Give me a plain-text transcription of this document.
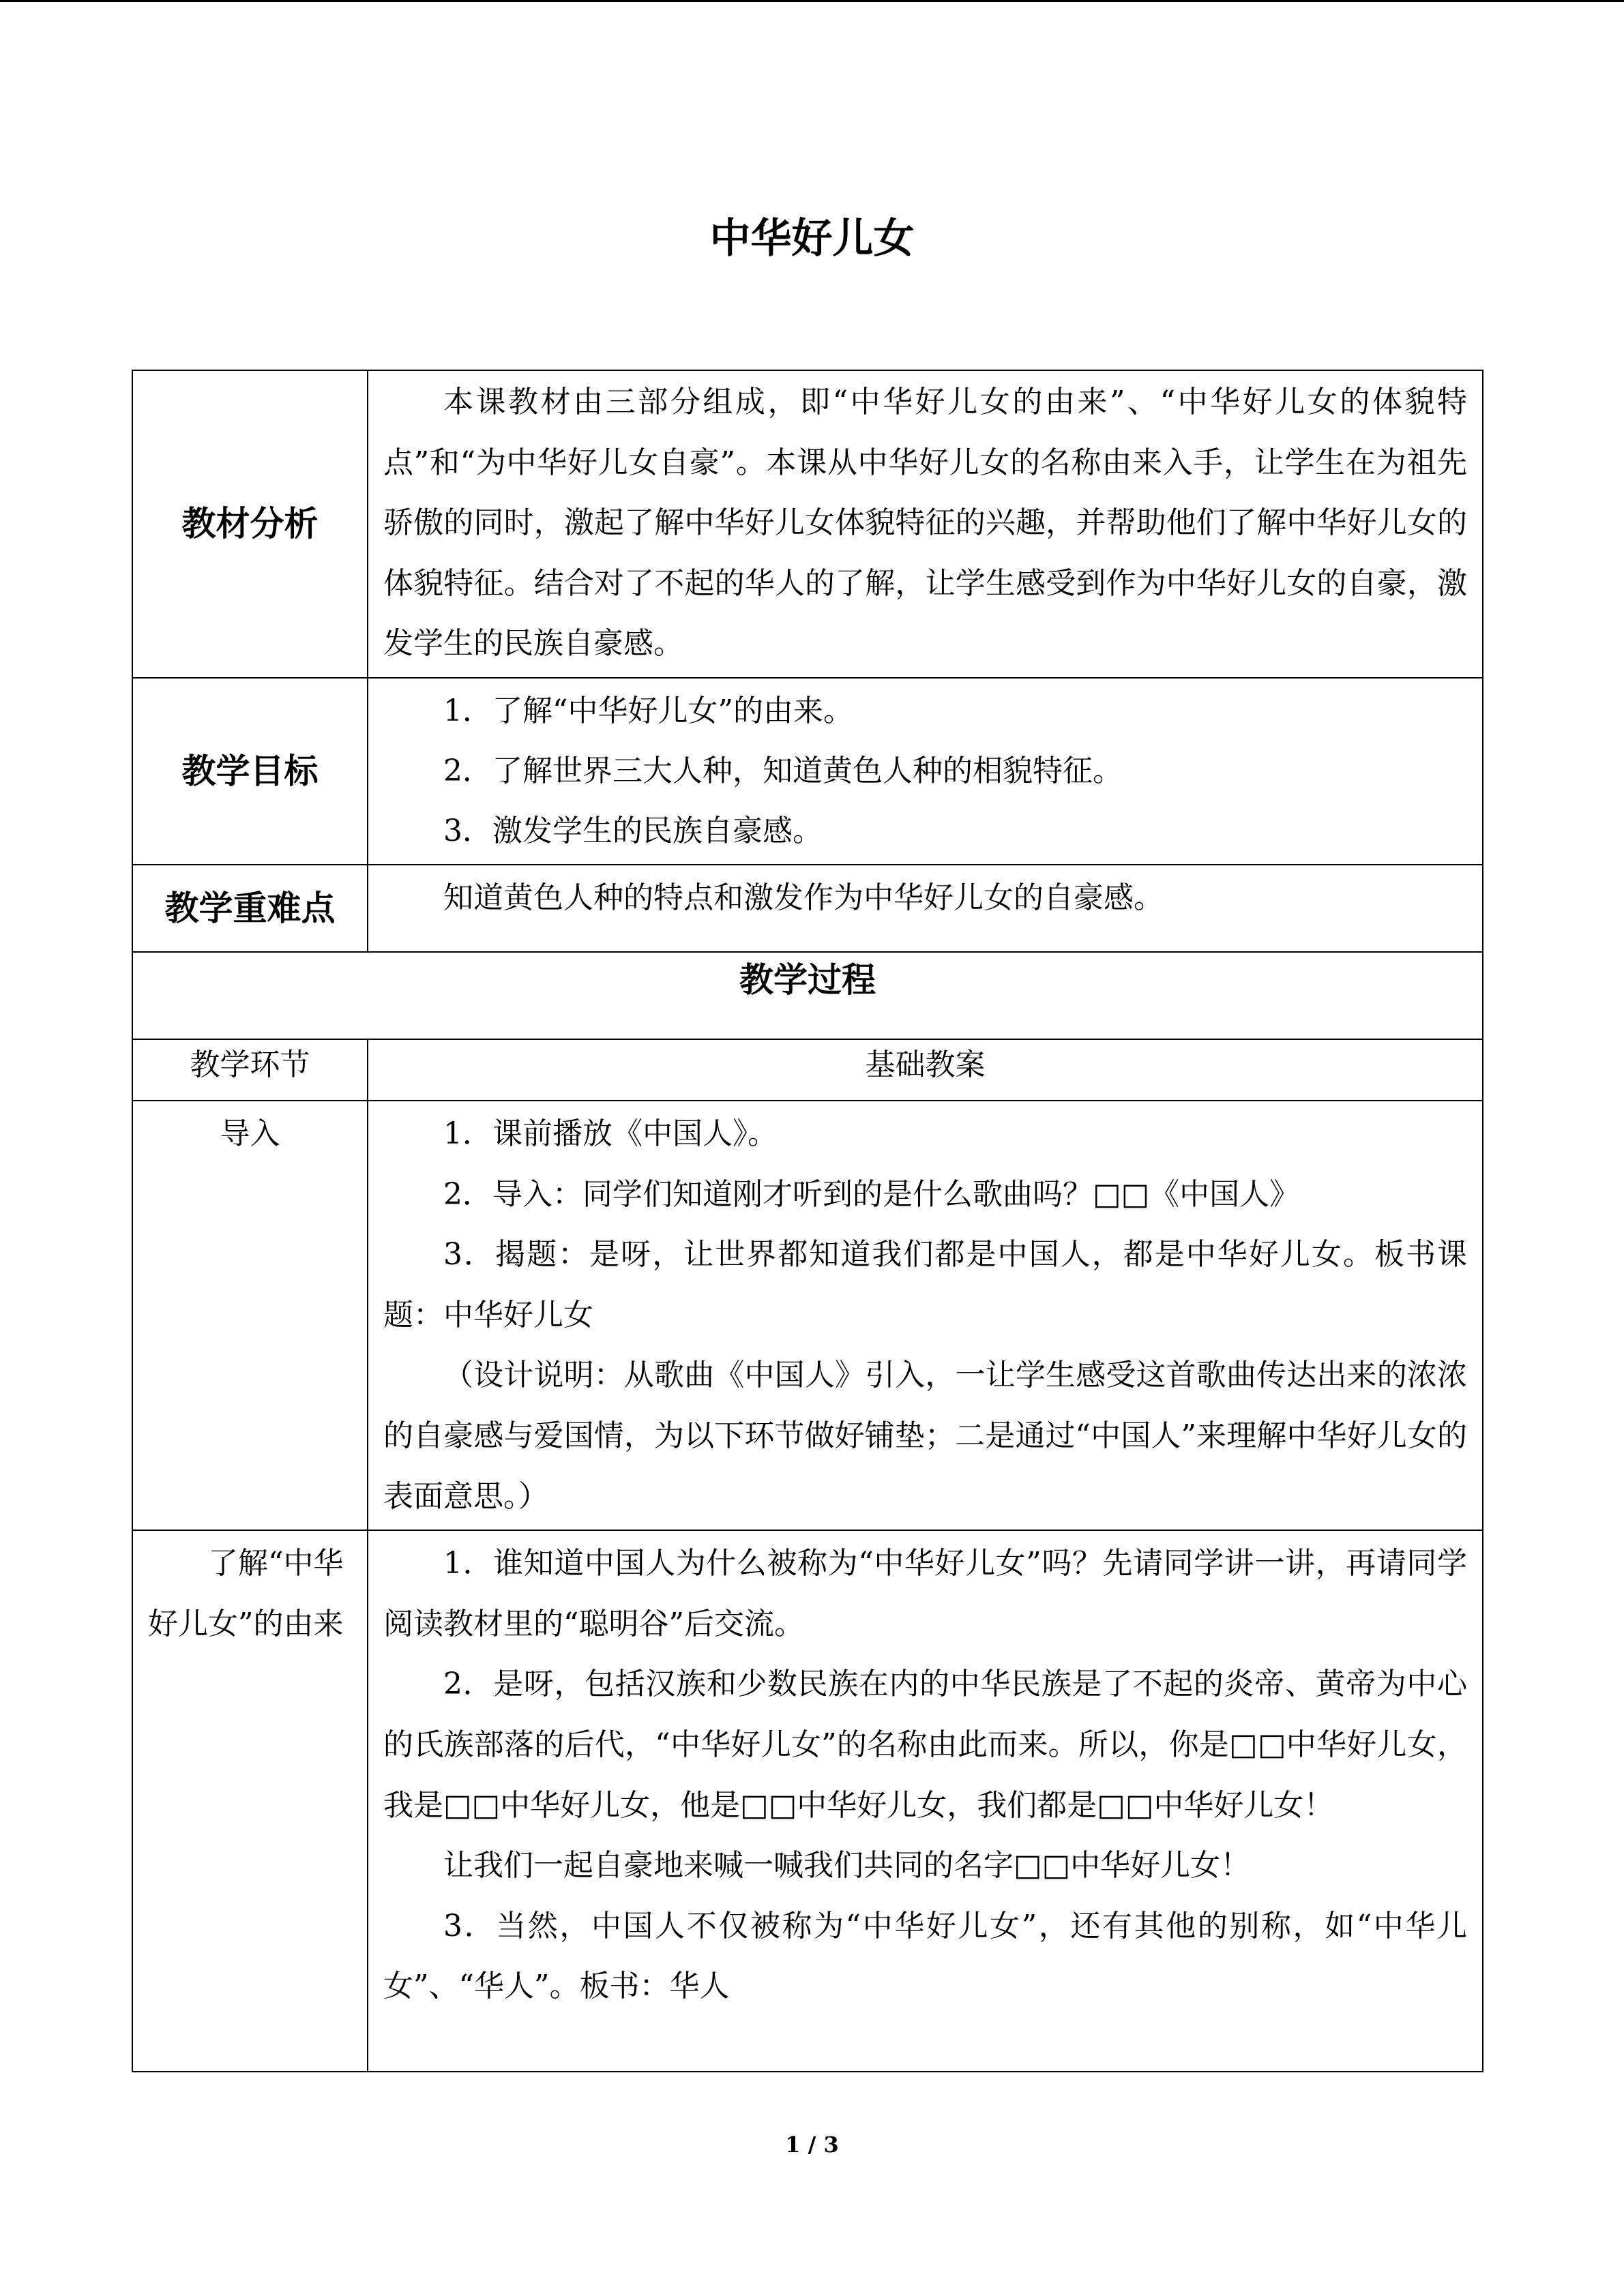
中华好儿女
教材分析	本课教材由三部分组成，即“中华好儿女的由来”、“中华好儿女的体貌特点”和“为中华好儿女自豪”。本课从中华好儿女的名称由来入手，让学生在为祖先骄傲的同时，激起了解中华好儿女体貌特征的兴趣，并帮助他们了解中华好儿女的体貌特征。结合对了不起的华人的了解，让学生感受到作为中华好儿女的自豪，激发学生的民族自豪感。

教学目标	1．了解“中华好儿女”的由来。

2．了解世界三大人种，知道黄色人种的相貌特征。

3．激发学生的民族自豪感。

教学重难点	知道黄色人种的特点和激发作为中华好儿女的自豪感。

教学过程	
教学环节	基础教案

导入	1．课前播放《中国人》。

2．导入：同学们知道刚才听到的是什么歌曲吗？□□《中国人》

3．揭题：是呀，让世界都知道我们都是中国人，都是中华好儿女。板书课题：中华好儿女

（设计说明：从歌曲《中国人》引入，一让学生感受这首歌曲传达出来的浓浓的自豪感与爱国情，为以下环节做好铺垫；二是通过“中国人”来理解中华好儿女的表面意思。）

了解“中华好儿女”的由来	1．谁知道中国人为什么被称为“中华好儿女”吗？先请同学讲一讲，再请同学阅读教材里的“聪明谷”后交流。

2．是呀，包括汉族和少数民族在内的中华民族是了不起的炎帝、黄帝为中心的氏族部落的后代，“中华好儿女”的名称由此而来。所以，你是□□中华好儿女，我是□□中华好儿女，他是□□中华好儿女，我们都是□□中华好儿女！

让我们一起自豪地来喊一喊我们共同的名字□□中华好儿女！

3．当然，中国人不仅被称为“中华好儿女”，还有其他的别称，如“中华儿女”、“华人”。板书：华人

1 / 3
